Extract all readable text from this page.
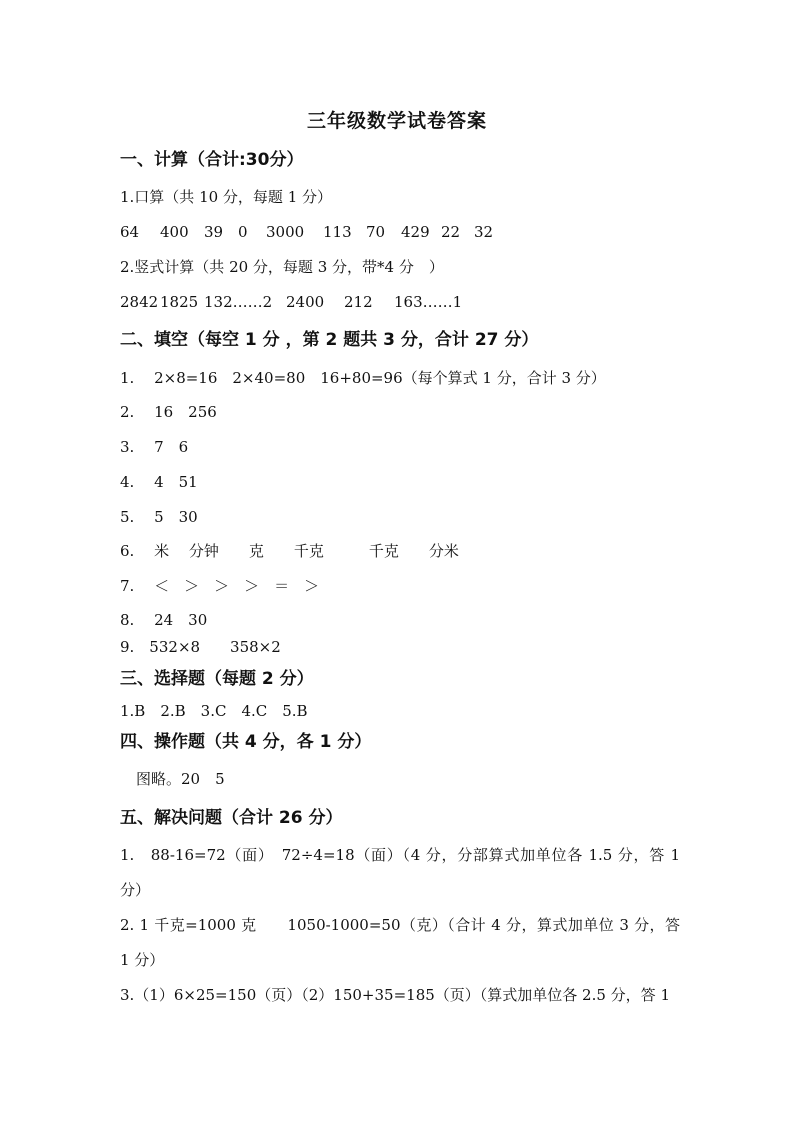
三年级数学试卷答案
一、计算（合计:30分）
1.口算（共 10 分，每题 1 分）
64	400	39 0	3000	113 70	429 22 32
2.竖式计算（共 20 分，每题 3 分，带*4 分　）
2842 1825 132……2 2400	212	163……1
二、填空（每空 1 分 ，第 2 题共 3 分，合计 27 分）
1.　 2×8=16　2×40=80　16+80=96（每个算式 1 分，合计 3 分）
2.　 16　256
3.　 7　6
4.　 4　51
5.　 5　30
6.　 米　 分钟　　克　　千克　　　千克　　分米
7.　 ＜　＞　＞　＞　＝　＞
8.　 24　30
9.　532×8　　358×2
三、选择题（每题 2 分）
1.B　2.B　3.C　4.C　5.B
四、操作题（共 4 分，各 1 分）
图略。20　5
五、解决问题（合计 26 分）
1.　88-16=72（面）　72÷4=18（面）（4 分，分部算式加单位各 1.5 分，答 1 分）
2. 1 千克=1000 克　　1050-1000=50（克）（合计 4 分，算式加单位 3 分，答 1 分）
3.（1）6×25=150（页）（2）150+35=185（页）（算式加单位各 2.5 分，答 1
